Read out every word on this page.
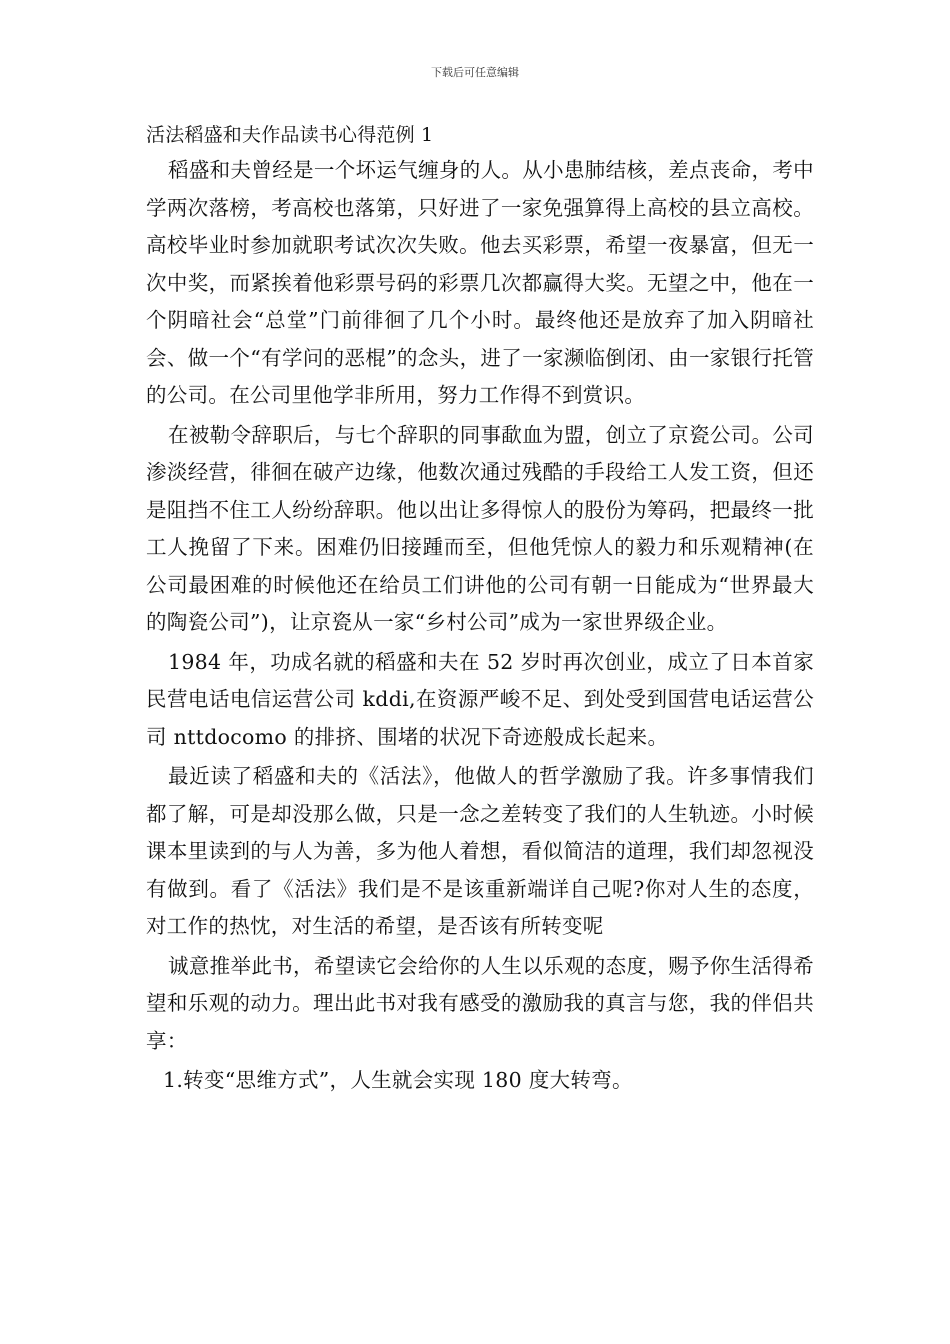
下载后可任意编辑
活法稻盛和夫作品读书心得范例 1

稻盛和夫曾经是一个坏运气缠身的人。从小患肺结核，差点丧命，考中学两次落榜，考高校也落第，只好进了一家免强算得上高校的县立高校。高校毕业时参加就职考试次次失败。他去买彩票，希望一夜暴富，但无一次中奖，而紧挨着他彩票号码的彩票几次都赢得大奖。无望之中，他在一个阴暗社会“总堂”门前徘徊了几个小时。最终他还是放弃了加入阴暗社会、做一个“有学问的恶棍”的念头，进了一家濒临倒闭、由一家银行托管的公司。在公司里他学非所用，努力工作得不到赏识。

在被勒令辞职后，与七个辞职的同事歃血为盟，创立了京瓷公司。公司渗淡经营，徘徊在破产边缘，他数次通过残酷的手段给工人发工资，但还是阻挡不住工人纷纷辞职。他以出让多得惊人的股份为筹码，把最终一批工人挽留了下来。困难仍旧接踵而至，但他凭惊人的毅力和乐观精神(在公司最困难的时候他还在给员工们讲他的公司有朝一日能成为“世界最大的陶瓷公司”)，让京瓷从一家“乡村公司”成为一家世界级企业。

1984 年，功成名就的稻盛和夫在 52 岁时再次创业，成立了日本首家民营电话电信运营公司 kddi,在资源严峻不足、到处受到国营电话运营公司 nttdocomo 的排挤、围堵的状况下奇迹般成长起来。

最近读了稻盛和夫的《活法》，他做人的哲学激励了我。许多事情我们都了解，可是却没那么做，只是一念之差转变了我们的人生轨迹。小时候课本里读到的与人为善，多为他人着想，看似简洁的道理，我们却忽视没有做到。看了《活法》我们是不是该重新端详自己呢?你对人生的态度，对工作的热忱，对生活的希望，是否该有所转变呢

诚意推举此书，希望读它会给你的人生以乐观的态度，赐予你生活得希望和乐观的动力。理出此书对我有感受的激励我的真言与您，我的伴侣共享：

1.转变“思维方式”，人生就会实现 180 度大转弯。
